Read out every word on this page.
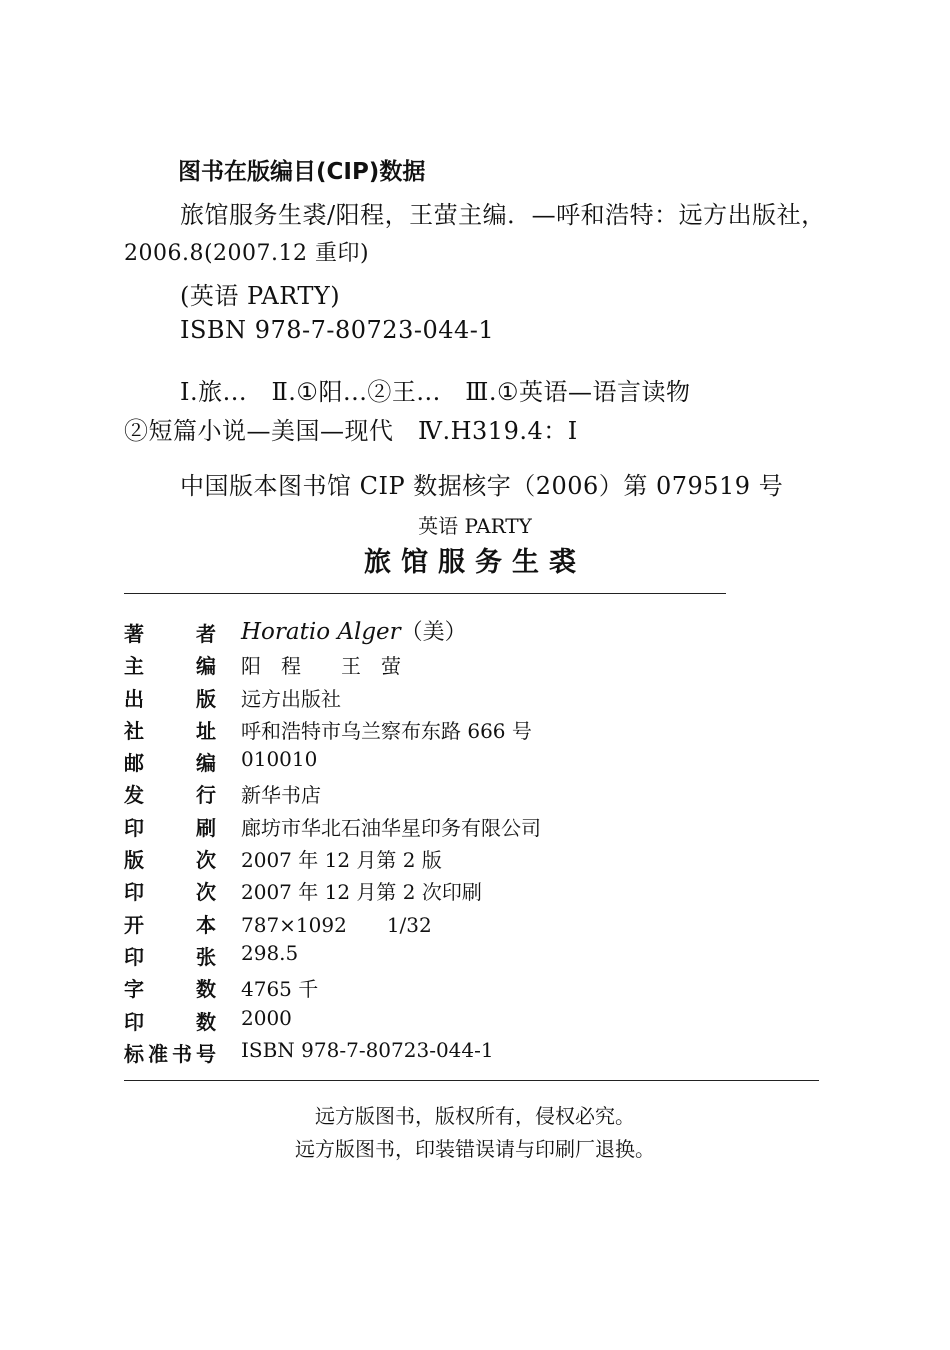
图书在版编目(CIP)数据
旅馆服务生裘/阳程，王萤主编．—呼和浩特：远方出版社，
2006.8(2007.12 重印)
(英语 PARTY)
ISBN 978-7-80723-044-1
Ⅰ.旅...　Ⅱ.①阳...②王...　Ⅲ.①英语—语言读物
②短篇小说—美国—现代　Ⅳ.H319.4：I
中国版本图书馆 CIP 数据核字（2006）第 079519 号
英语 PARTY
旅馆服务生裘
著	者 Horatio Alger（美）
主	编 阳　程　　王　萤
出	版 远方出版社
社	址 呼和浩特市乌兰察布东路 666 号
邮	编 010010
发	行 新华书店
印	刷 廊坊市华北石油华星印务有限公司
版	次 2007 年 12 月第 2 版
印	次 2007 年 12 月第 2 次印刷
开	本 787×1092　　1/32
印	张 298.5
字	数 4765 千
印	数 2000
标 准 书 号 ISBN 978-7-80723-044-1
远方版图书，版权所有，侵权必究。
远方版图书，印装错误请与印刷厂退换。
